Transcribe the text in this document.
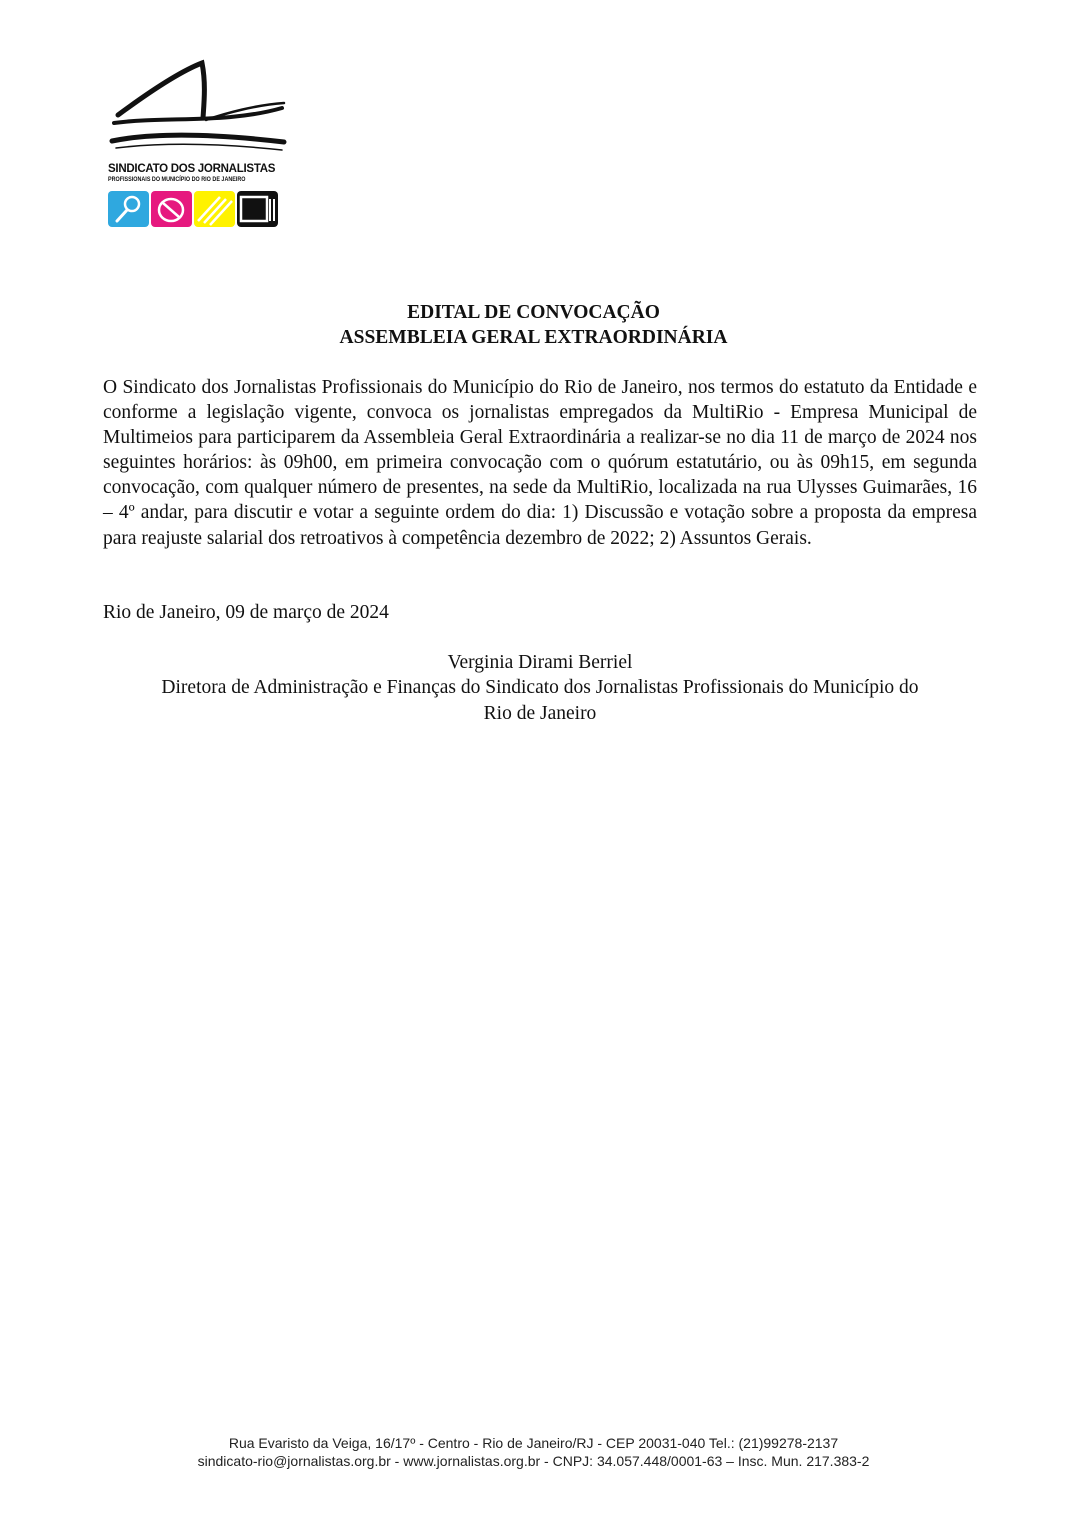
SINDICATO DOS JORNALISTAS
PROFISSIONAIS DO MUNICÍPIO DO RIO DE JANEIRO
EDITAL DE CONVOCAÇÃO
ASSEMBLEIA GERAL EXTRAORDINÁRIA

O Sindicato dos Jornalistas Profissionais do Município do Rio de Janeiro, nos termos do estatuto da Entidade e conforme a legislação vigente, convoca os jornalistas empregados da MultiRio - Empresa Municipal de Multimeios para participarem da Assembleia Geral Extraordinária a realizar-se no dia 11 de março de 2024 nos seguintes horários: às 09h00, em primeira convocação com o quórum estatutário, ou às 09h15, em segunda convocação, com qualquer número de presentes, na sede da MultiRio, localizada na rua Ulysses Guimarães, 16 – 4º andar, para discutir e votar a seguinte ordem do dia: 1) Discussão e votação sobre a proposta da empresa para reajuste salarial dos retroativos à competência dezembro de 2022; 2) Assuntos Gerais.

Rio de Janeiro, 09 de março de 2024
Verginia Dirami Berriel
Diretora de Administração e Finanças do Sindicato dos Jornalistas Profissionais do Município do
Rio de Janeiro
Rua Evaristo da Veiga, 16/17º - Centro - Rio de Janeiro/RJ - CEP 20031-040 Tel.: (21)99278-2137
sindicato-rio@jornalistas.org.br - www.jornalistas.org.br - CNPJ: 34.057.448/0001-63 – Insc. Mun. 217.383-2
